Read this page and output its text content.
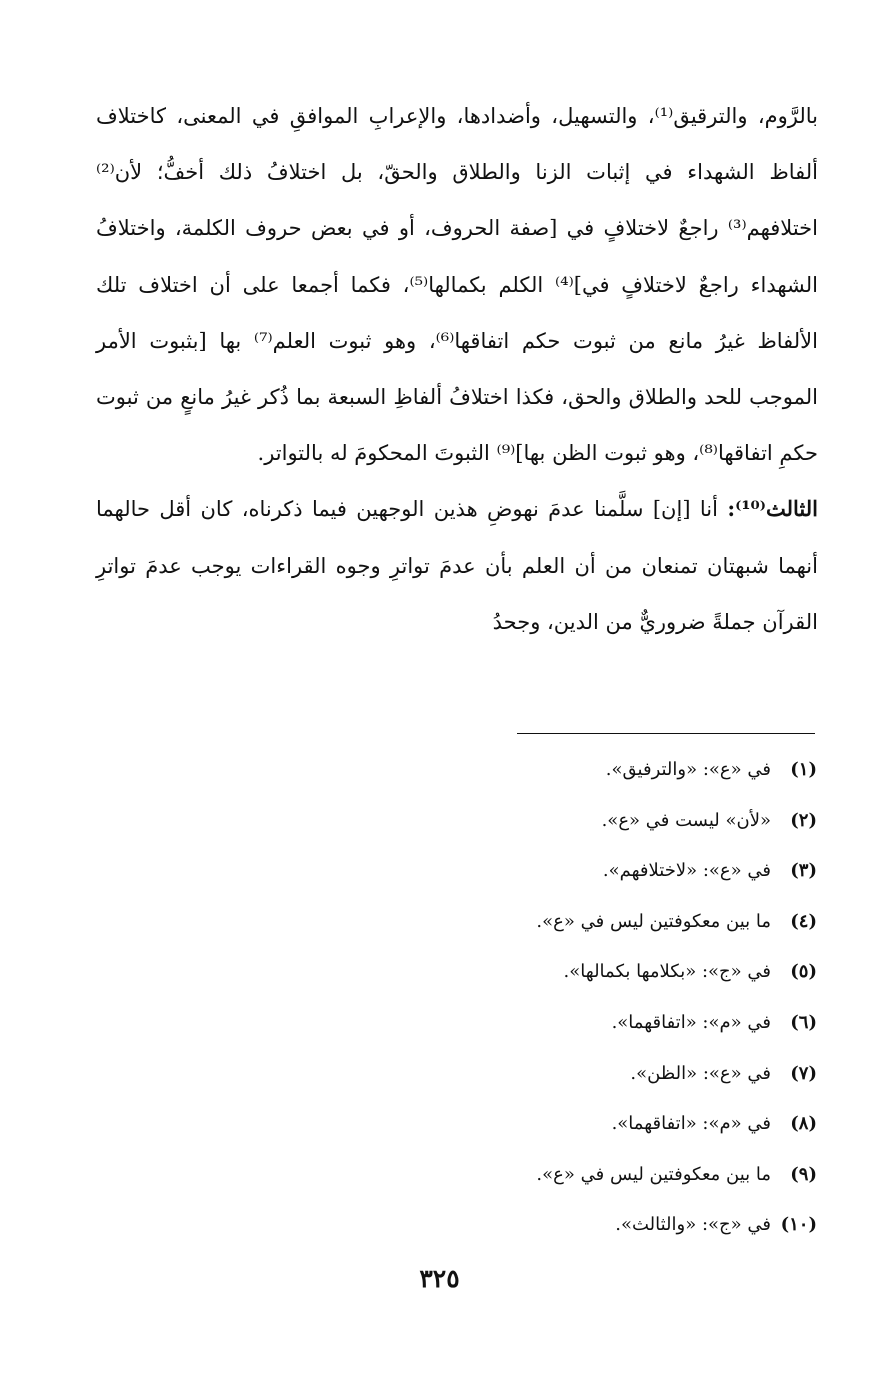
بالرَّوم، والترقيق⁽¹⁾، والتسهيل، وأضدادها، والإعرابِ الموافقِ في المعنى، كاختلاف ألفاظ الشهداء في إثبات الزنا والطلاق والحقّ، بل اختلافُ ذلك أخفُّ؛ لأن⁽²⁾ اختلافهم⁽³⁾ راجعٌ لاختلافٍ في [صفة الحروف، أو في بعض حروف الكلمة، واختلافُ الشهداء راجعٌ لاختلافٍ في]⁽⁴⁾ الكلم بكمالها⁽⁵⁾، فكما أجمعا على أن اختلاف تلك الألفاظ غيرُ مانع من ثبوت حكم اتفاقها⁽⁶⁾، وهو ثبوت العلم⁽⁷⁾ بها [بثبوت الأمر الموجب للحد والطلاق والحق، فكذا اختلافُ ألفاظِ السبعة بما ذُكر غيرُ مانعٍ من ثبوت حكمِ اتفاقها⁽⁸⁾، وهو ثبوت الظن بها]⁽⁹⁾ الثبوتَ المحكومَ له بالتواتر.

الثالث⁽¹⁰⁾: أنا [إن] سلَّمنا عدمَ نهوضِ هذين الوجهين فيما ذكرناه، كان أقل حالهما أنهما شبهتان تمنعان من أن العلم بأن عدمَ تواترِ وجوه القراءات يوجب عدمَ تواترِ القرآن جملةً ضروريٌّ من الدين، وجحدُ

(١)في «ع»: «والترفيق».
(٢)«لأن» ليست في «ع».
(٣)في «ع»: «لاختلافهم».
(٤)ما بين معكوفتين ليس في «ع».
(٥)في «ج»: «بكلامها بكمالها».
(٦)في «م»: «اتفاقهما».
(٧)في «ع»: «الظن».
(٨)في «م»: «اتفاقهما».
(٩)ما بين معكوفتين ليس في «ع».
(١٠)في «ج»: «والثالث».
٣٢٥
